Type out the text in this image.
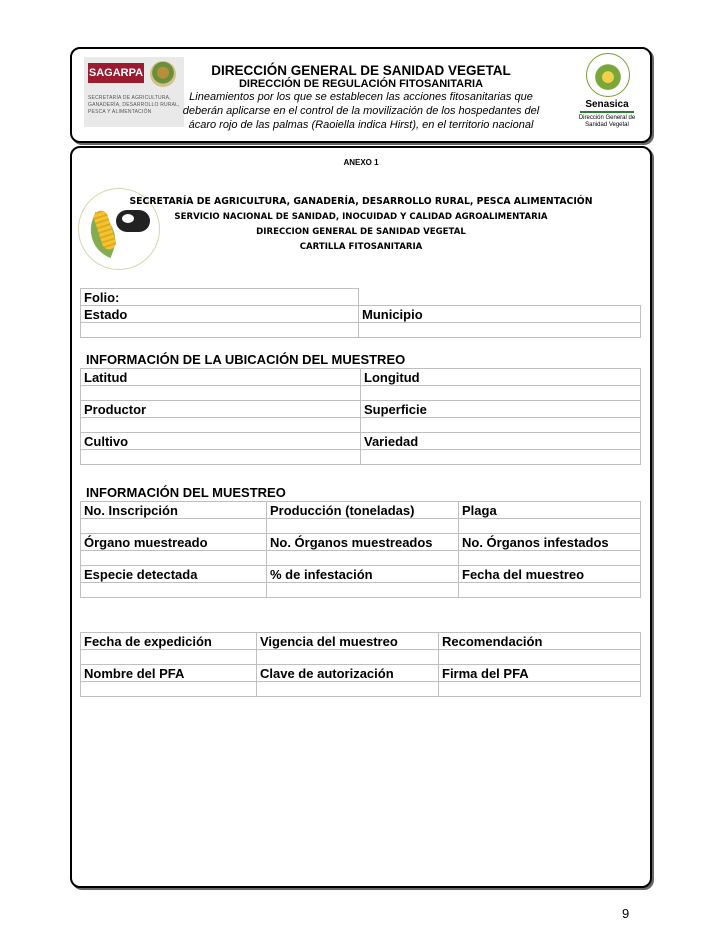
SAGARPA
SECRETARÍA DE AGRICULTURA, GANADERÍA, DESARROLLO RURAL, PESCA Y ALIMENTACIÓN
DIRECCIÓN GENERAL DE SANIDAD VEGETAL
DIRECCIÓN DE REGULACIÓN FITOSANITARIA
Lineamientos por los que se establecen las acciones fitosanitarias que
deberán aplicarse en el control de la movilización de los hospedantes del
ácaro rojo de las palmas (Raoiella indica Hirst), en el territorio nacional
Senasica
Dirección General de Sanidad Vegetal
ANEXO 1
SECRETARÍA DE AGRICULTURA, GANADERÍA, DESARROLLO RURAL, PESCA ALIMENTACIÓN
SERVICIO NACIONAL DE SANIDAD, INOCUIDAD Y CALIDAD AGROALIMENTARIA
DIRECCION GENERAL DE SANIDAD VEGETAL
CARTILLA FITOSANITARIA
Folio:	
Estado	Municipio

INFORMACIÓN DE LA UBICACIÓN DEL MUESTREO
Latitud	Longitud

Productor	Superficie

Cultivo	Variedad

INFORMACIÓN DEL MUESTREO
No. Inscripción	Producción (toneladas)	Plaga

Órgano muestreado	No. Órganos muestreados	No. Órganos infestados

Especie detectada	% de infestación	Fecha del muestreo

Fecha de expedición	Vigencia del muestreo	Recomendación

Nombre del PFA	Clave de autorización	Firma del PFA

9
